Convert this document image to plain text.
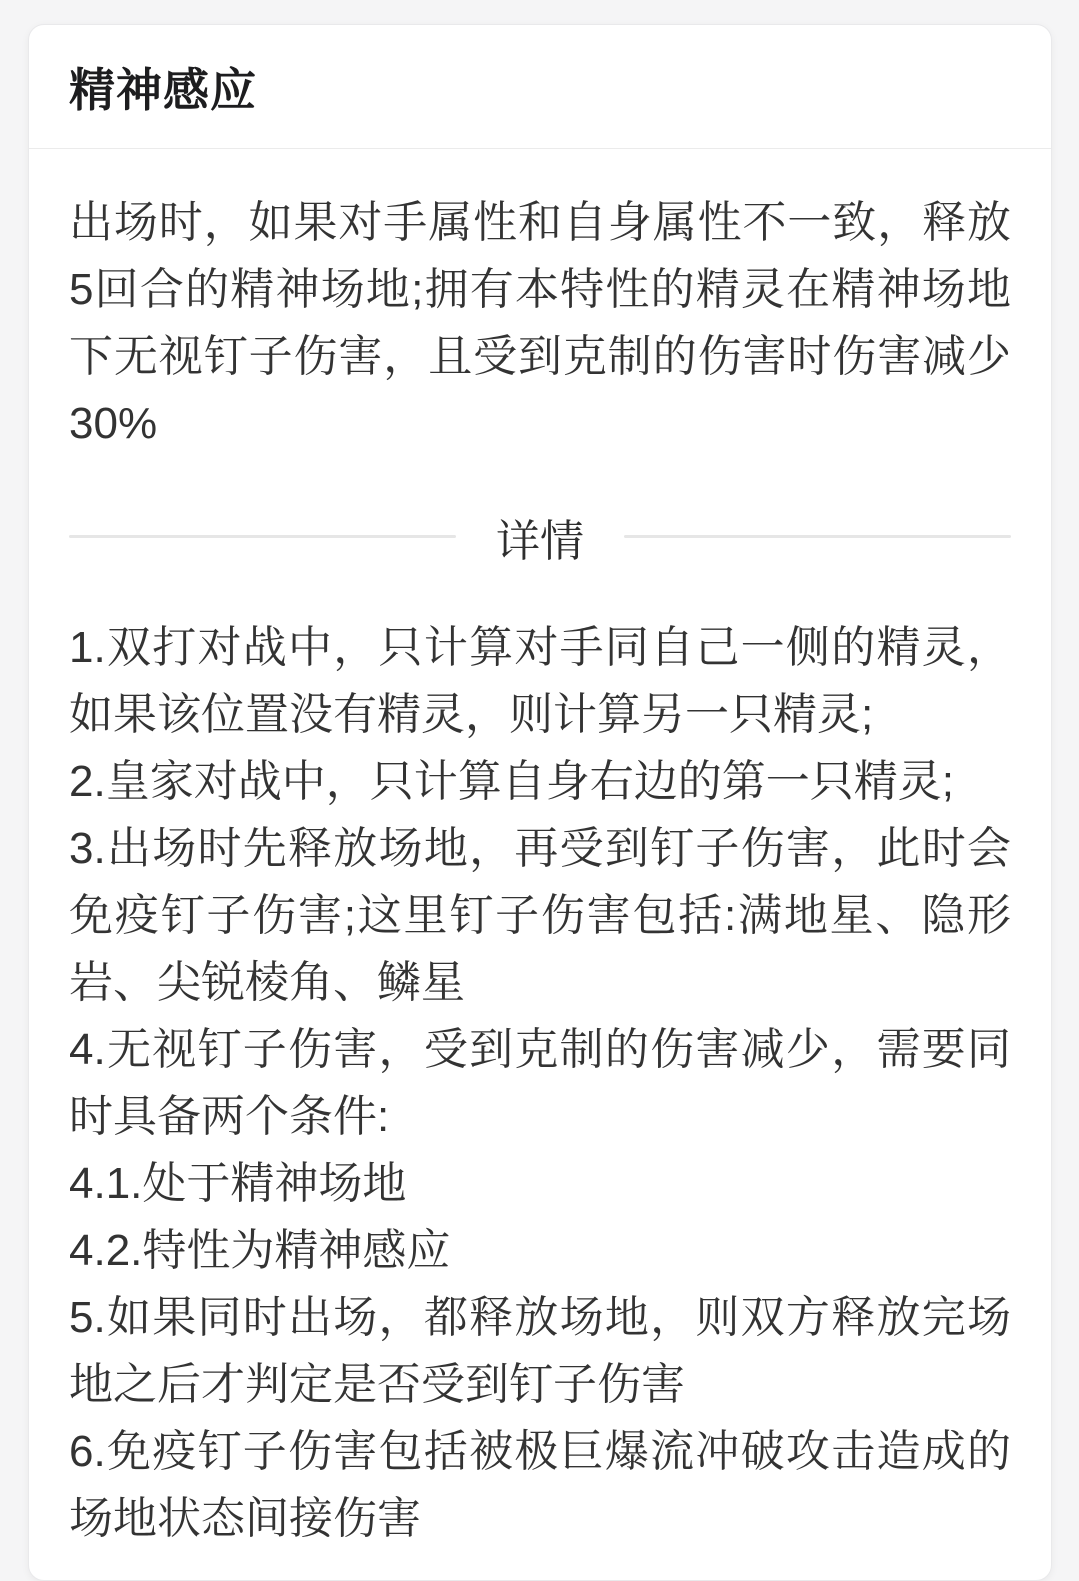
精神感应
出场时，如果对手属性和自身属性不一致，释放5回合的精神场地;拥有本特性的精灵在精神场地下无视钉子伤害，且受到克制的伤害时伤害减少30%
详情
1.双打对战中，只计算对手同自己一侧的精灵，如果该位置没有精灵，则计算另一只精灵;
2.皇家对战中，只计算自身右边的第一只精灵;
3.出场时先释放场地，再受到钉子伤害，此时会免疫钉子伤害;这里钉子伤害包括:满地星、隐形岩、尖锐棱角、鳞星
4.无视钉子伤害，受到克制的伤害减少，需要同时具备两个条件:
4.1.处于精神场地
4.2.特性为精神感应
5.如果同时出场，都释放场地，则双方释放完场地之后才判定是否受到钉子伤害
6.免疫钉子伤害包括被极巨爆流冲破攻击造成的场地状态间接伤害
